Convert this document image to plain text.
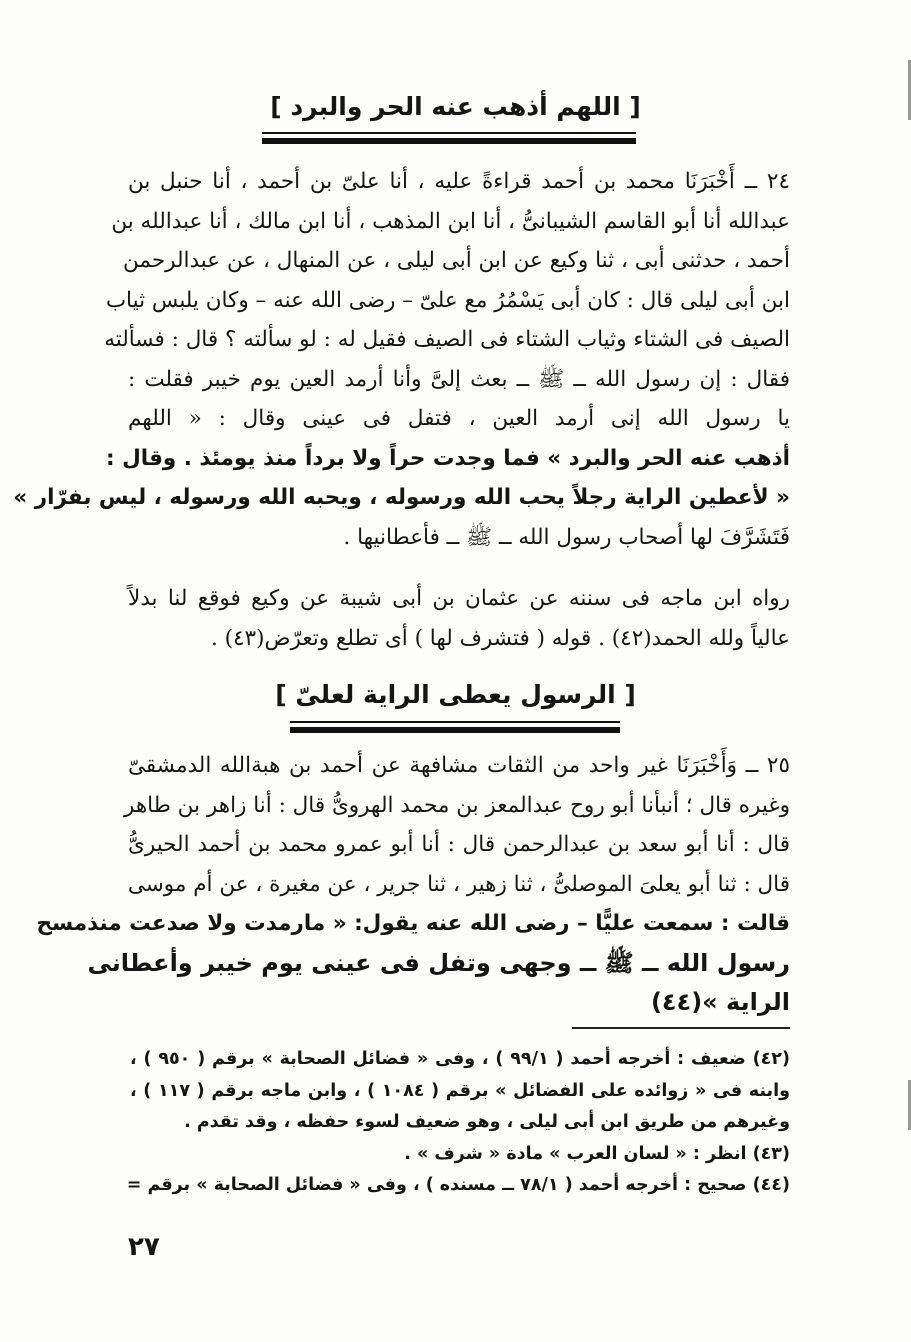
[ اللهم أذهب عنه الحر والبرد ]
٢٤ ــ أَخْبَرَنَا محمد بن أحمد قراءةً عليه ، أنا علىّ بن أحمد ، أنا حنبل بن
عبدالله أنا أبو القاسم الشيبانىُّ ، أنا ابن المذهب ، أنا ابن مالك ، أنا عبدالله بن
أحمد ، حدثنى أبى ، ثنا وكيع عن ابن أبى ليلى ، عن المنهال ، عن عبدالرحمن
ابن أبى ليلى قال : كان أبى يَسْمُرُ مع علىّ – رضى الله عنه – وكان يلبس ثياب
الصيف فى الشتاء وثياب الشتاء فى الصيف فقيل له : لو سألته ؟ قال : فسألته
فقال : إن رسول الله ــ ﷺ ــ بعث إلىَّ وأنا أرمد العين يوم خيبر فقلت :
يا رسول الله إنى أرمد العين ، فتفل فى عينى وقال : « اللهم
أذهب عنه الحر والبرد » فما وجدت حراً ولا برداً منذ يومئذ . وقال :
« لأعطين الراية رجلاً يحب الله ورسوله ، ويحبه الله ورسوله ، ليس بفرّار »
فَتَشَرَّفَ لها أصحاب رسول الله ــ ﷺ ــ فأعطانيها .
رواه ابن ماجه فى سننه عن عثمان بن أبى شيبة عن وكيع فوقع لنا بدلاً
عالياً ولله الحمد(٤٢) . قوله ( فتشرف لها ) أى تطلع وتعرّض(٤٣) .
[ الرسول يعطى الراية لعلىّ ]
٢٥ ــ وَأَخْبَرَنَا غير واحد من الثقات مشافهة عن أحمد بن هبةالله الدمشقىّ
وغيره قال ؛ أنبأنا أبو روح عبدالمعز بن محمد الهروىُّ قال : أنا زاهر بن طاهر
قال : أنا أبو سعد بن عبدالرحمن قال : أنا أبو عمرو محمد بن أحمد الحيرىُّ
قال : ثنا أبو يعلىَ الموصلىُّ ، ثنا زهير ، ثنا جرير ، عن مغيرة ، عن أم موسى
قالت : سمعت عليًّا – رضى الله عنه يقول: « مارمدت ولا صدعت منذمسح
رسول الله ــ ﷺ ــ وجهى وتفل فى عينى يوم خيبر وأعطانى
الراية »(٤٤)
(٤٢) ضعيف : أخرجه أحمد ( ٩٩/١ ) ، وفى « فضائل الصحابة » برقم ( ٩٥٠ ) ،
وابنه فى « زوائده على الفضائل » برقم ( ١٠٨٤ ) ، وابن ماجه برقم ( ١١٧ ) ،
وغيرهم من طريق ابن أبى ليلى ، وهو ضعيف لسوء حفظه ، وقد تقدم .
(٤٣) انظر : « لسان العرب » مادة « شرف » .
(٤٤) صحيح : أخرجه أحمد ( ٧٨/١ ــ مسنده ) ، وفى « فضائل الصحابة » برقم =
٢٧
